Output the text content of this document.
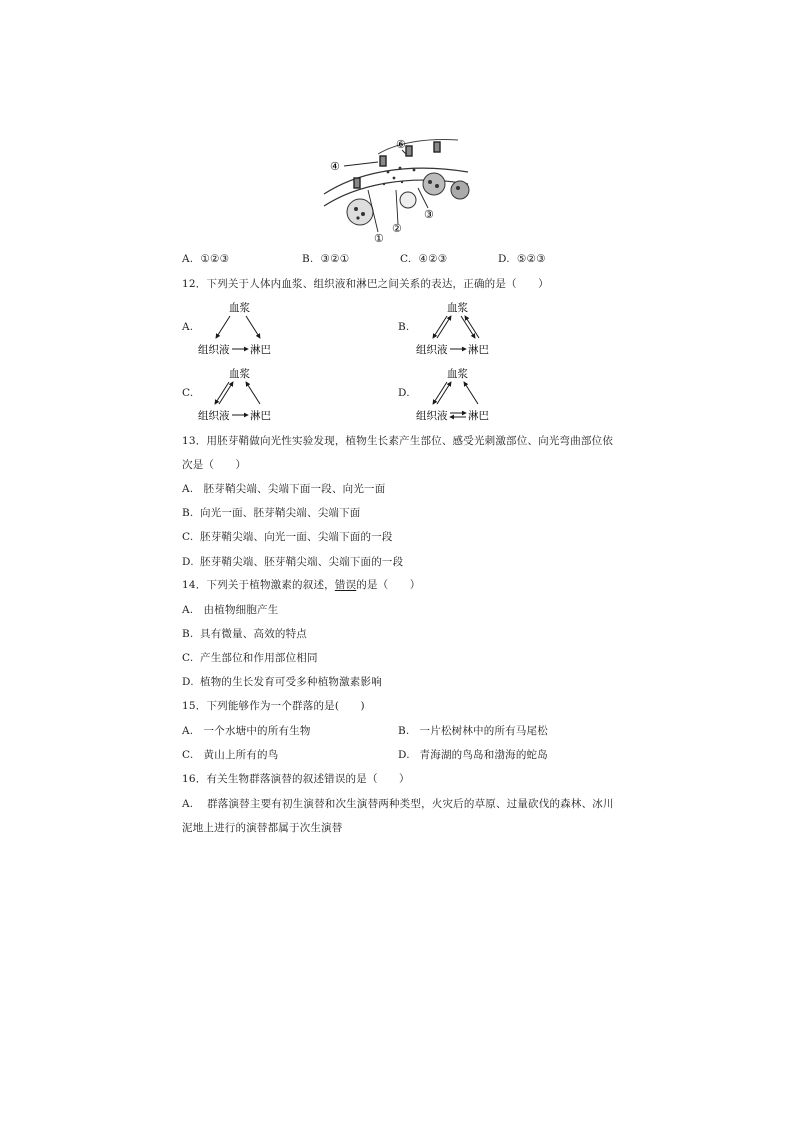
④
⑥
①
②
③
A. ①②③	B. ③②①	C. ④②③	D. ⑤②③
12．下列关于人体内血浆、组织液和淋巴之间关系的表达，正确的是（　　）
A.
血浆
组织液 淋巴
B.
血浆
组织液 淋巴
C.
血浆
组织液 淋巴
D.
血浆
组织液 淋巴
13．用胚芽鞘做向光性实验发现，植物生长素产生部位、感受光刺激部位、向光弯曲部位依
次是（　　）
A. 胚芽鞘尖端、尖端下面一段、向光一面
B. 向光一面、胚芽鞘尖端、尖端下面
C. 胚芽鞘尖端、向光一面、尖端下面的一段
D. 胚芽鞘尖端、胚芽鞘尖端、尖端下面的一段
14．下列关于植物激素的叙述，错误的是（　　）
A. 由植物细胞产生
B. 具有微量、高效的特点
C. 产生部位和作用部位相同
D. 植物的生长发育可受多种植物激素影响
15．下列能够作为一个群落的是(　　)
A. 一个水塘中的所有生物	B. 一片松树林中的所有马尾松
C. 黄山上所有的鸟	D. 青海湖的鸟岛和渤海的蛇岛
16．有关生物群落演替的叙述错误的是（　　）
A. 群落演替主要有初生演替和次生演替两种类型，火灾后的草原、过量砍伐的森林、冰川
泥地上进行的演替都属于次生演替
